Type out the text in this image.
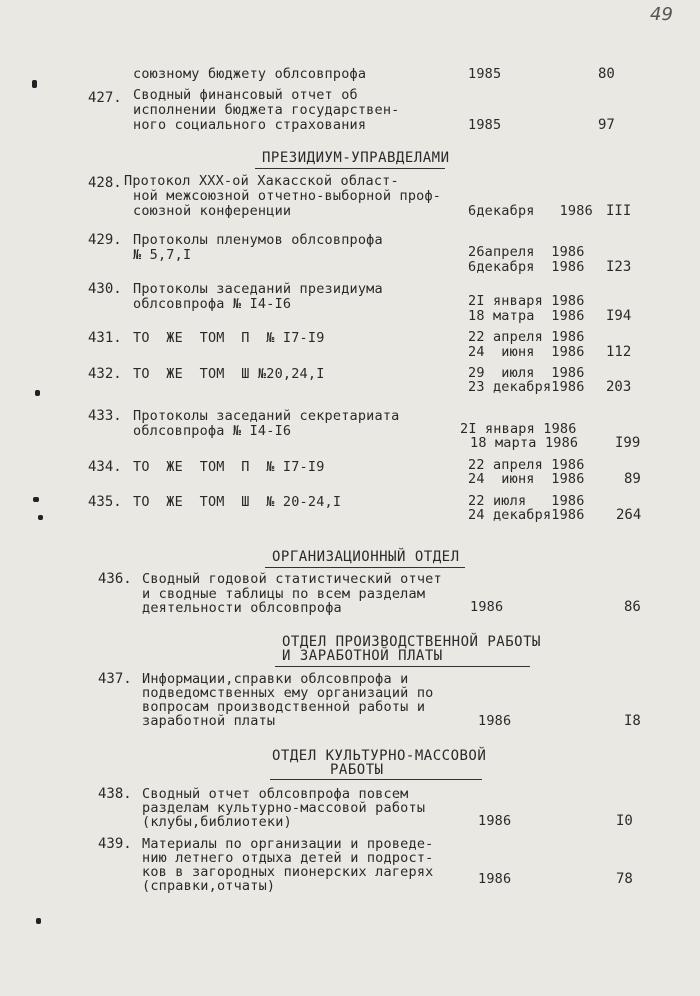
49
союзному бюджету облсовпрофа	1985	80
427. Сводный финансовый отчет об
исполнении бюджета государствен-
ного социального страхования	1985	97
ПРЕЗИДИУМ-УПРАВДЕЛАМИ
428. Протокол XXX-ой Хакасской област-
ной межсоюзной отчетно-выборной проф-
союзной конференции	6декабря   1986 III
429. Протоколы пленумов облсовпрофа
№ 5,7,I	26апреля  1986
6декабря  1986 I23
430. Протоколы заседаний президиума
облсовпрофа № I4-I6	2I января 1986
18 матра  1986 I94
431. ТО  ЖЕ  ТОМ  П  № I7-I9	22 апреля 1986
24  июня  1986 112
432. ТО  ЖЕ  ТОМ  Ш №20,24,I	29  июля  1986
23 декабря1986 203
433. Протоколы заседаний секретариата
облсовпрофа № I4-I6	2I января 1986
18 марта 1986	I99
434. ТО  ЖЕ  ТОМ  П  № I7-I9	22 апреля 1986
24  июня  1986	89
435. ТО  ЖЕ  ТОМ  Ш  № 20-24,I	22 июля   1986
24 декабря1986 264
ОРГАНИЗАЦИОННЫЙ ОТДЕЛ
436. Сводный годовой статистический отчет
и сводные таблицы по всем разделам
деятельности облсовпрофа	1986	86
ОТДЕЛ ПРОИЗВОДСТВЕННОЙ РАБОТЫ
И ЗАРАБОТНОЙ ПЛАТЫ
437. Информации,справки облсовпрофа и
подведомственных ему организаций по
вопросам производственной работы и
заработной платы	1986	I8
ОТДЕЛ КУЛЬТУРНО-МАССОВОЙ
РАБОТЫ
438. Сводный отчет облсовпрофа повсем
разделам культурно-массовой работы
(клубы,библиотеки)	1986	I0
439. Материалы по организации и проведе-
нию летнего отдыха детей и подрост-
ков в загородных пионерских лагерях
(справки,отчаты)	1986	78
